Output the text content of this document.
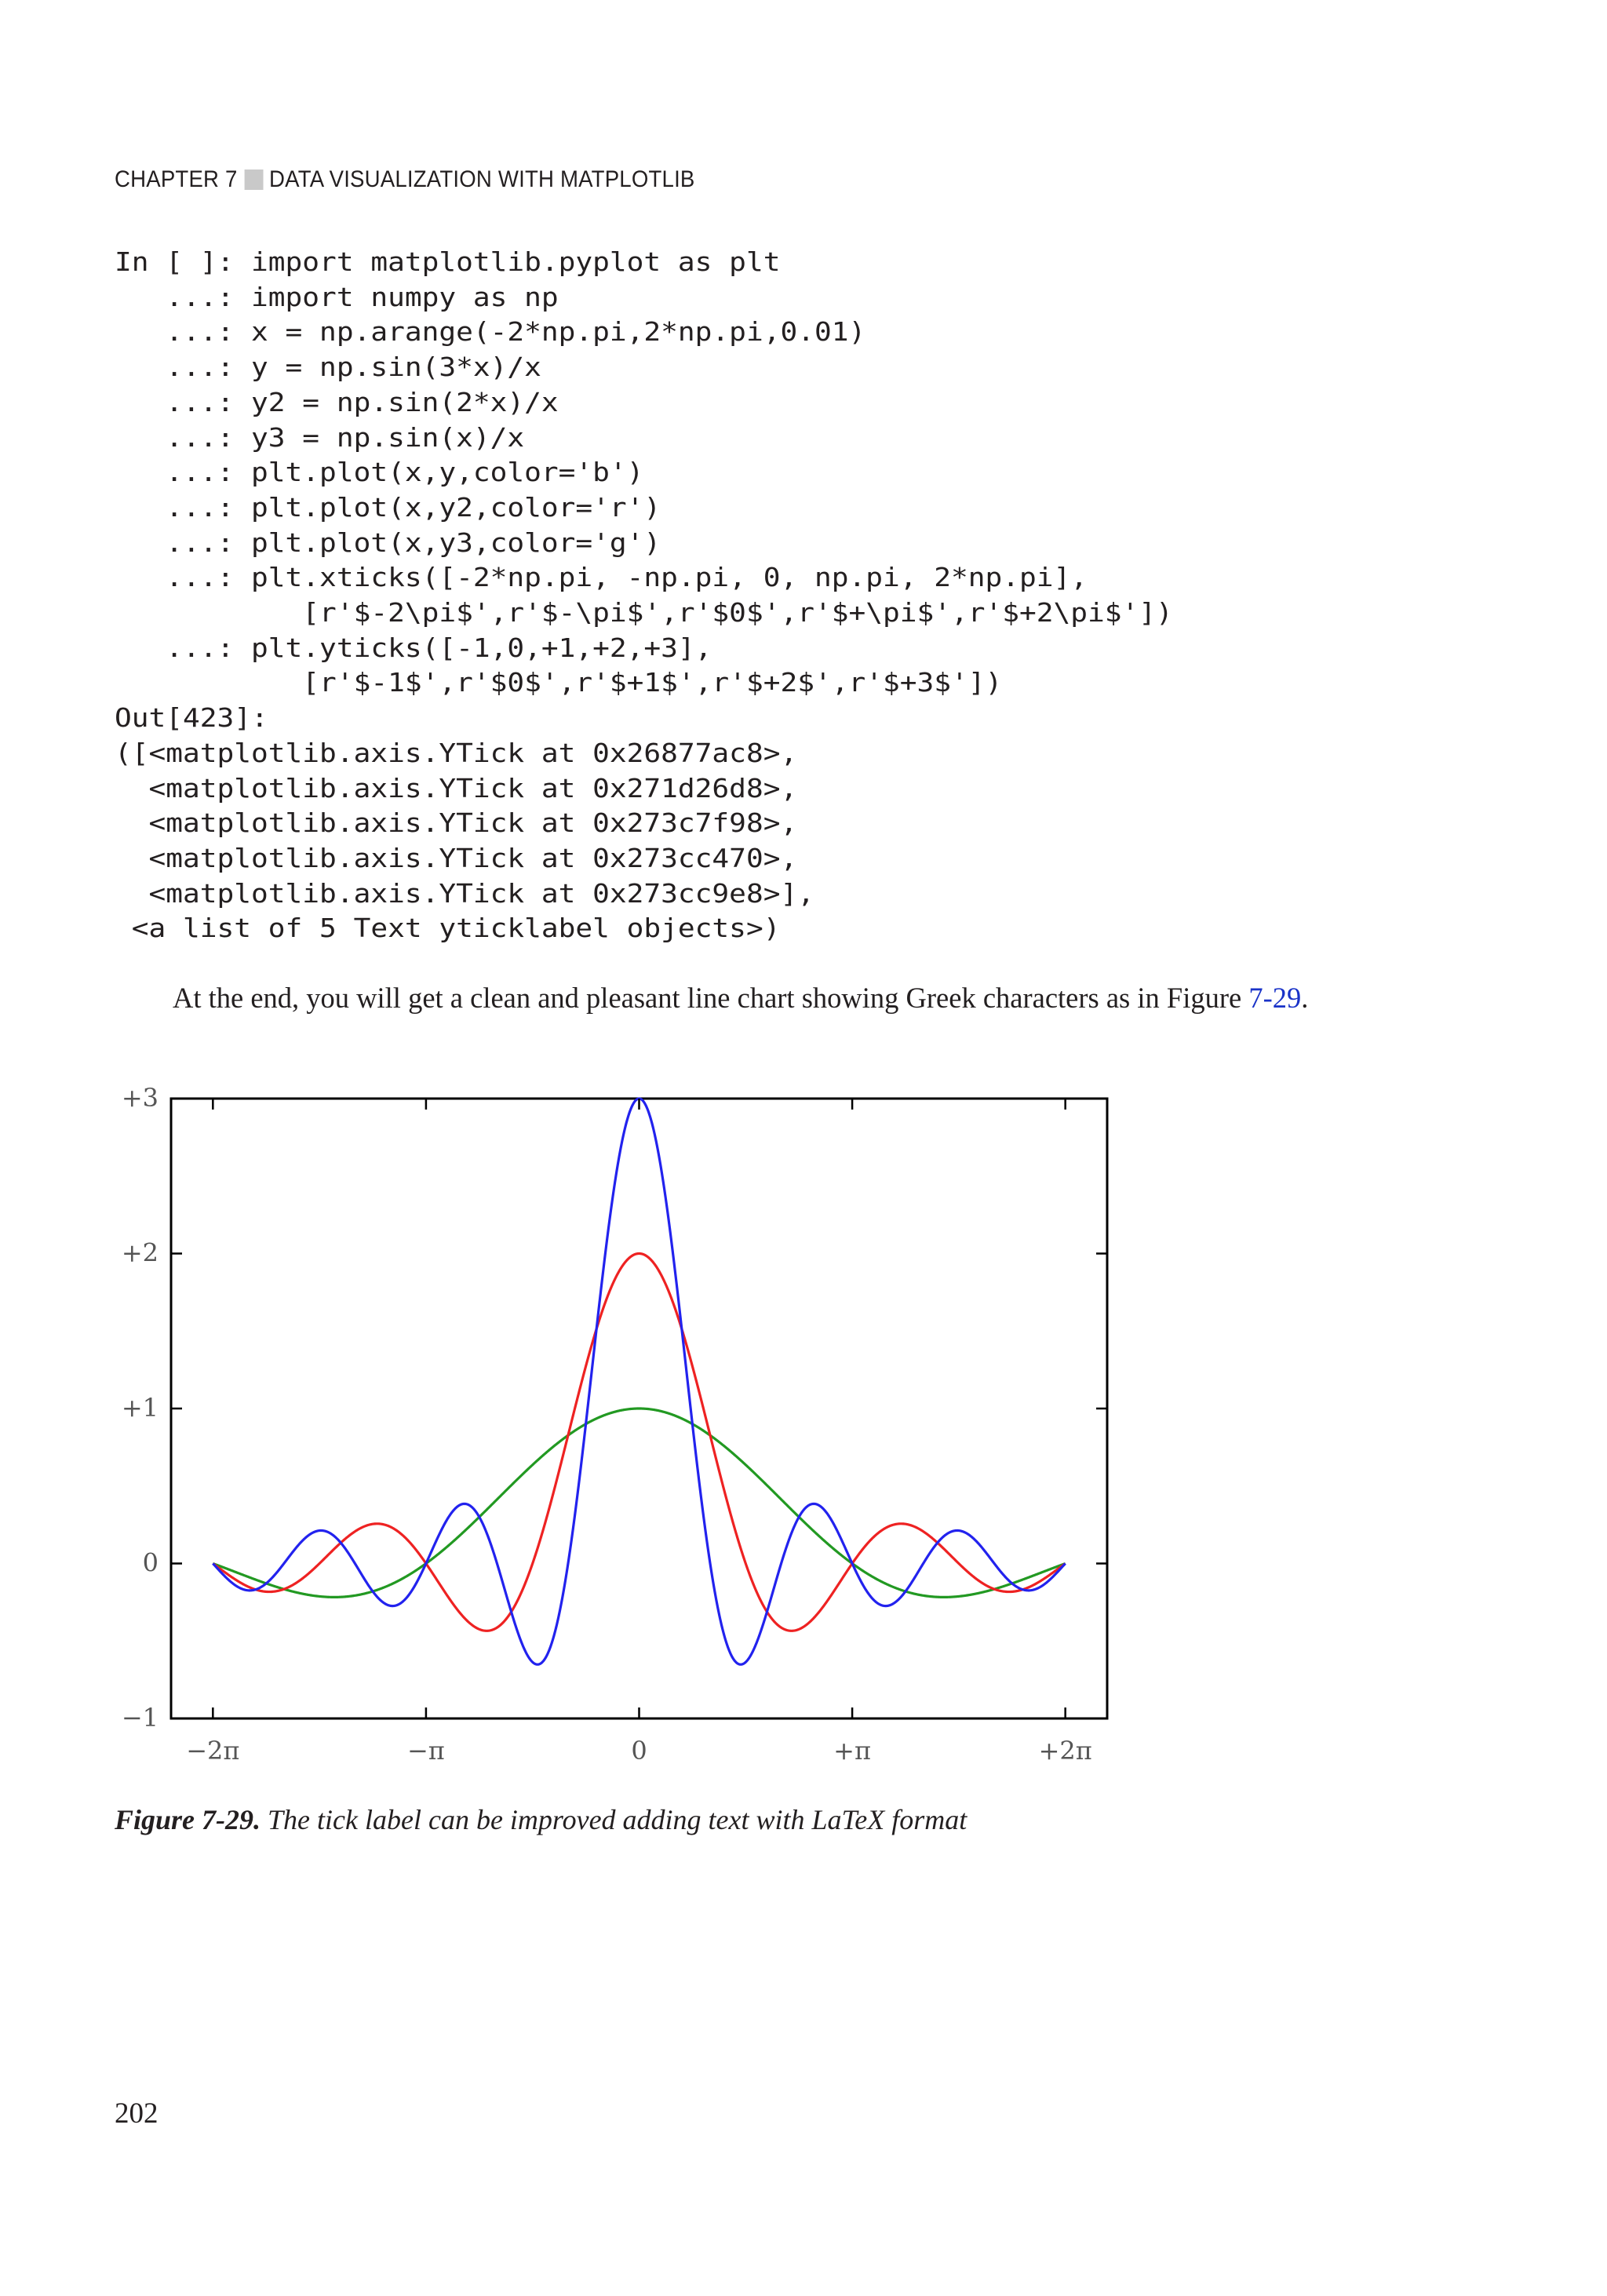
CHAPTER 7 DATA VISUALIZATION WITH MATPLOTLIB
In [ ]: import matplotlib.pyplot as plt
...: import numpy as np
...: x = np.arange(-2*np.pi,2*np.pi,0.01)
...: y = np.sin(3*x)/x
...: y2 = np.sin(2*x)/x
...: y3 = np.sin(x)/x
...: plt.plot(x,y,color='b')
...: plt.plot(x,y2,color='r')
...: plt.plot(x,y3,color='g')
...: plt.xticks([-2*np.pi, -np.pi, 0, np.pi, 2*np.pi],
[r'$-2\pi$',r'$-\pi$',r'$0$',r'$+\pi$',r'$+2\pi$'])
...: plt.yticks([-1,0,+1,+2,+3],
[r'$-1$',r'$0$',r'$+1$',r'$+2$',r'$+3$'])
Out[423]:
([<matplotlib.axis.YTick at 0x26877ac8>,
<matplotlib.axis.YTick at 0x271d26d8>,
<matplotlib.axis.YTick at 0x273c7f98>,
<matplotlib.axis.YTick at 0x273cc470>,
<matplotlib.axis.YTick at 0x273cc9e8>],
<a list of 5 Text yticklabel objects>)
At the end, you will get a clean and pleasant line chart showing Greek characters as in Figure 7-29.
−2π	−π	0	+π	+2π
−1
0
+1
+2
+3
Figure 7-29. The tick label can be improved adding text with LaTeX format
202
